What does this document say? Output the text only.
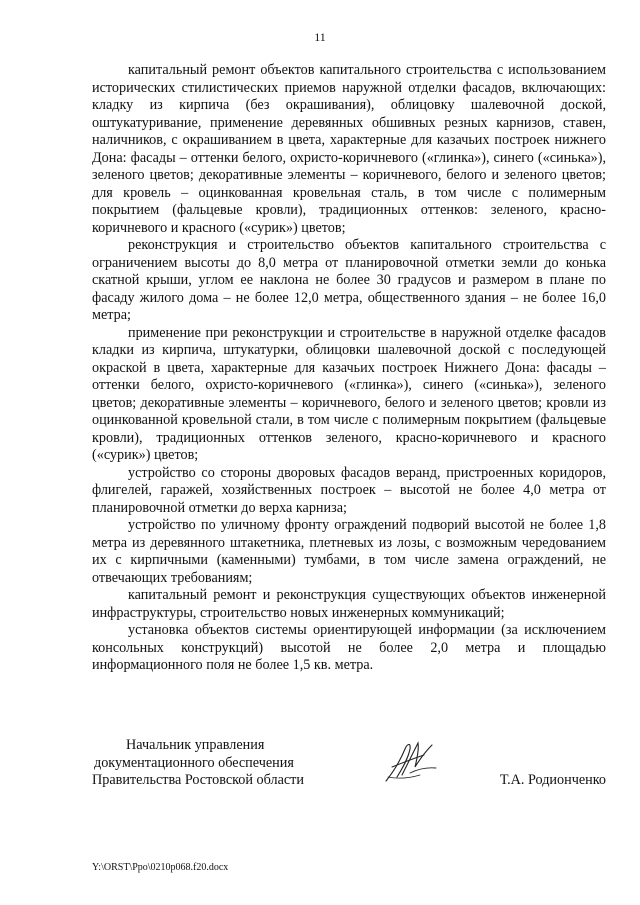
11

капитальный ремонт объектов капитального строительства с использованием исторических стилистических приемов наружной отделки фасадов, включающих: кладку из кирпича (без окрашивания), облицовку шалевочной доской, оштукатуривание, применение деревянных обшивных резных карнизов, ставен, наличников, с окрашиванием в цвета, характерные для казачьих построек нижнего Дона: фасады – оттенки белого, охристо-коричневого («глинка»), синего («синька»), зеленого цветов; декоративные элементы – коричневого, белого и зеленого цветов; для кровель – оцинкованная кровельная сталь, в том числе с полимерным покрытием (фальцевые кровли), традиционных оттенков: зеленого, красно-коричневого и красного («сурик») цветов;

реконструкция и строительство объектов капитального строительства с ограничением высоты до 8,0 метра от планировочной отметки земли до конька скатной крыши, углом ее наклона не более 30 градусов и размером в плане по фасаду жилого дома – не более 12,0 метра, общественного здания – не более 16,0 метра;

применение при реконструкции и строительстве в наружной отделке фасадов кладки из кирпича, штукатурки, облицовки шалевочной доской с последующей окраской в цвета, характерные для казачьих построек Нижнего Дона: фасады – оттенки белого, охристо-коричневого («глинка»), синего («синька»), зеленого цветов; декоративные элементы – коричневого, белого и зеленого цветов; кровли из оцинкованной кровельной стали, в том числе с полимерным покрытием (фальцевые кровли), традиционных оттенков зеленого, красно-коричневого и красного («сурик») цветов;

устройство со стороны дворовых фасадов веранд, пристроенных коридоров, флигелей, гаражей, хозяйственных построек – высотой не более 4,0 метра от планировочной отметки до верха карниза;

устройство по уличному фронту ограждений подворий высотой не более 1,8 метра из деревянного штакетника, плетневых из лозы, с возможным чередованием их с кирпичными (каменными) тумбами, в том числе замена ограждений, не отвечающих требованиям;

капитальный ремонт и реконструкция существующих объектов инженерной инфраструктуры, строительство новых инженерных коммуникаций;

установка объектов системы ориентирующей информации (за исключением консольных конструкций) высотой не более 2,0 метра и площадью информационного поля не более 1,5 кв. метра.

Начальник управления
документационного обеспечения
Правительства Ростовской области	Т.А. Родионченко
Y:\ORST\Ppo\0210p068.f20.docx
